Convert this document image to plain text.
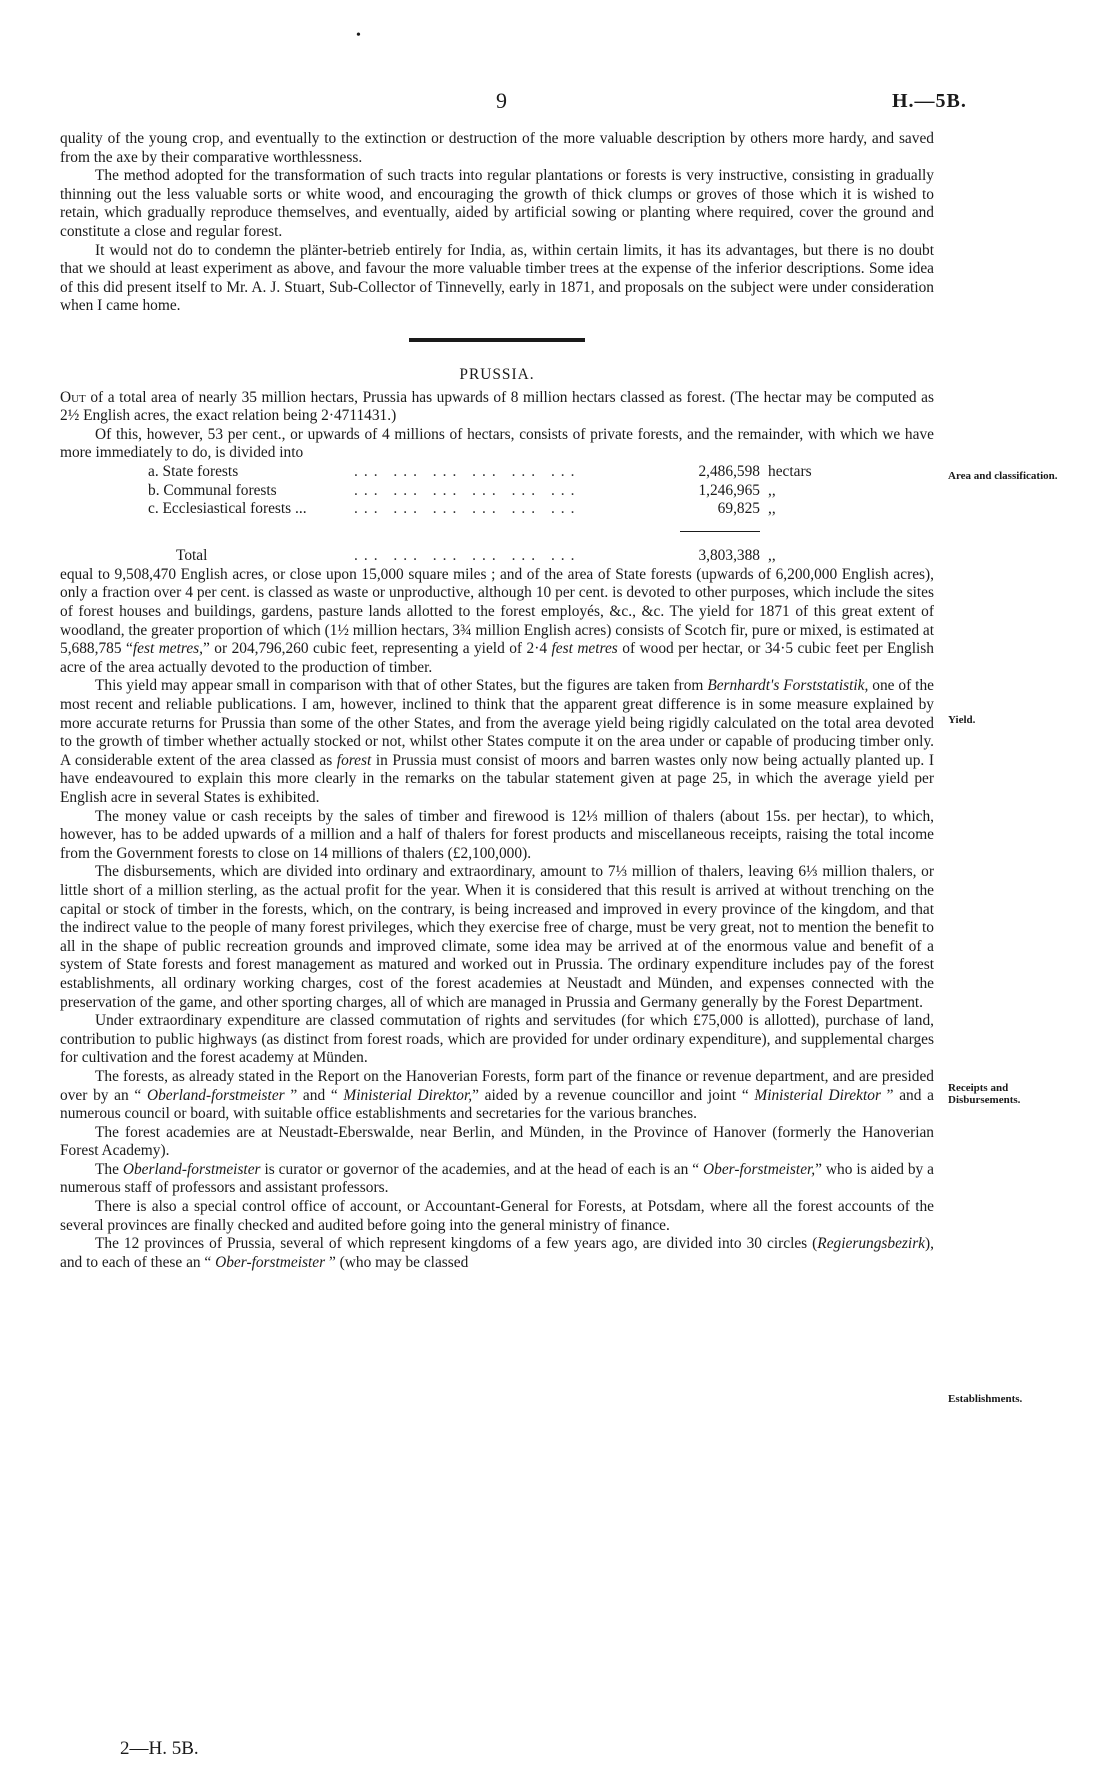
•
9	H.—5B.

quality of the young crop, and eventually to the extinction or destruction of the more valuable description by others more hardy, and saved from the axe by their comparative worthlessness.

The method adopted for the transformation of such tracts into regular plantations or forests is very instructive, consisting in gradually thinning out the less valuable sorts or white wood, and encouraging the growth of thick clumps or groves of those which it is wished to retain, which gradually reproduce themselves, and eventually, aided by artificial sowing or planting where required, cover the ground and constitute a close and regular forest.

It would not do to condemn the plänter-betrieb entirely for India, as, within certain limits, it has its advantages, but there is no doubt that we should at least experiment as above, and favour the more valuable timber trees at the expense of the inferior descriptions. Some idea of this did present itself to Mr. A. J. Stuart, Sub-Collector of Tinnevelly, early in 1871, and proposals on the subject were under consideration when I came home.

PRUSSIA.

Out of a total area of nearly 35 million hectars, Prussia has upwards of 8 million hectars classed as forest. (The hectar may be computed as 2½ English acres, the exact relation being 2·4711431.)

Of this, however, 53 per cent., or upwards of 4 millions of hectars, consists of private forests, and the remainder, with which we have more immediately to do, is divided into

a. State forests	... ... ... ... ... ...	2,486,598	hectars
b. Communal forests	... ... ... ... ... ...	1,246,965	,,
c. Ecclesiastical forests ...	... ... ... ... ... ...	69,825	,,

Total	... ... ... ... ... ...	3,803,388	,,

equal to 9,508,470 English acres, or close upon 15,000 square miles ; and of the area of State forests (upwards of 6,200,000 English acres), only a fraction over 4 per cent. is classed as waste or unproductive, although 10 per cent. is devoted to other purposes, which include the sites of forest houses and buildings, gardens, pasture lands allotted to the forest employés, &c., &c. The yield for 1871 of this great extent of woodland, the greater proportion of which (1½ million hectars, 3¾ million English acres) consists of Scotch fir, pure or mixed, is estimated at 5,688,785 “fest metres,” or 204,796,260 cubic feet, representing a yield of 2·4 fest metres of wood per hectar, or 34·5 cubic feet per English acre of the area actually devoted to the production of timber.

This yield may appear small in comparison with that of other States, but the figures are taken from Bernhardt's Forststatistik, one of the most recent and reliable publications. I am, however, inclined to think that the apparent great difference is in some measure explained by more accurate returns for Prussia than some of the other States, and from the average yield being rigidly calculated on the total area devoted to the growth of timber whether actually stocked or not, whilst other States compute it on the area under or capable of producing timber only. A considerable extent of the area classed as forest in Prussia must consist of moors and barren wastes only now being actually planted up. I have endeavoured to explain this more clearly in the remarks on the tabular statement given at page 25, in which the average yield per English acre in several States is exhibited.

The money value or cash receipts by the sales of timber and firewood is 12⅓ million of thalers (about 15s. per hectar), to which, however, has to be added upwards of a million and a half of thalers for forest products and miscellaneous receipts, raising the total income from the Government forests to close on 14 millions of thalers (£2,100,000).

The disbursements, which are divided into ordinary and extraordinary, amount to 7⅓ million of thalers, leaving 6⅓ million thalers, or little short of a million sterling, as the actual profit for the year. When it is considered that this result is arrived at without trenching on the capital or stock of timber in the forests, which, on the contrary, is being increased and improved in every province of the kingdom, and that the indirect value to the people of many forest privileges, which they exercise free of charge, must be very great, not to mention the benefit to all in the shape of public recreation grounds and improved climate, some idea may be arrived at of the enormous value and benefit of a system of State forests and forest management as matured and worked out in Prussia. The ordinary expenditure includes pay of the forest establishments, all ordinary working charges, cost of the forest academies at Neustadt and Münden, and expenses connected with the preservation of the game, and other sporting charges, all of which are managed in Prussia and Germany generally by the Forest Department.

Under extraordinary expenditure are classed commutation of rights and servitudes (for which £75,000 is allotted), purchase of land, contribution to public highways (as distinct from forest roads, which are provided for under ordinary expenditure), and supplemental charges for cultivation and the forest academy at Münden.

The forests, as already stated in the Report on the Hanoverian Forests, form part of the finance or revenue department, and are presided over by an “ Oberland-forstmeister ” and “ Ministerial Direktor,” aided by a revenue councillor and joint “ Ministerial Direktor ” and a numerous council or board, with suitable office establishments and secretaries for the various branches.

The forest academies are at Neustadt-Eberswalde, near Berlin, and Münden, in the Province of Hanover (formerly the Hanoverian Forest Academy).

The Oberland-forstmeister is curator or governor of the academies, and at the head of each is an “ Ober-forstmeister,” who is aided by a numerous staff of professors and assistant professors.

There is also a special control office of account, or Accountant-General for Forests, at Potsdam, where all the forest accounts of the several provinces are finally checked and audited before going into the general ministry of finance.

The 12 provinces of Prussia, several of which represent kingdoms of a few years ago, are divided into 30 circles (Regierungsbezirk), and to each of these an “ Ober-forstmeister ” (who may be classed

Area and classification.
Yield.
Receipts and Disbursements.
Establishments.
2—H. 5B.
